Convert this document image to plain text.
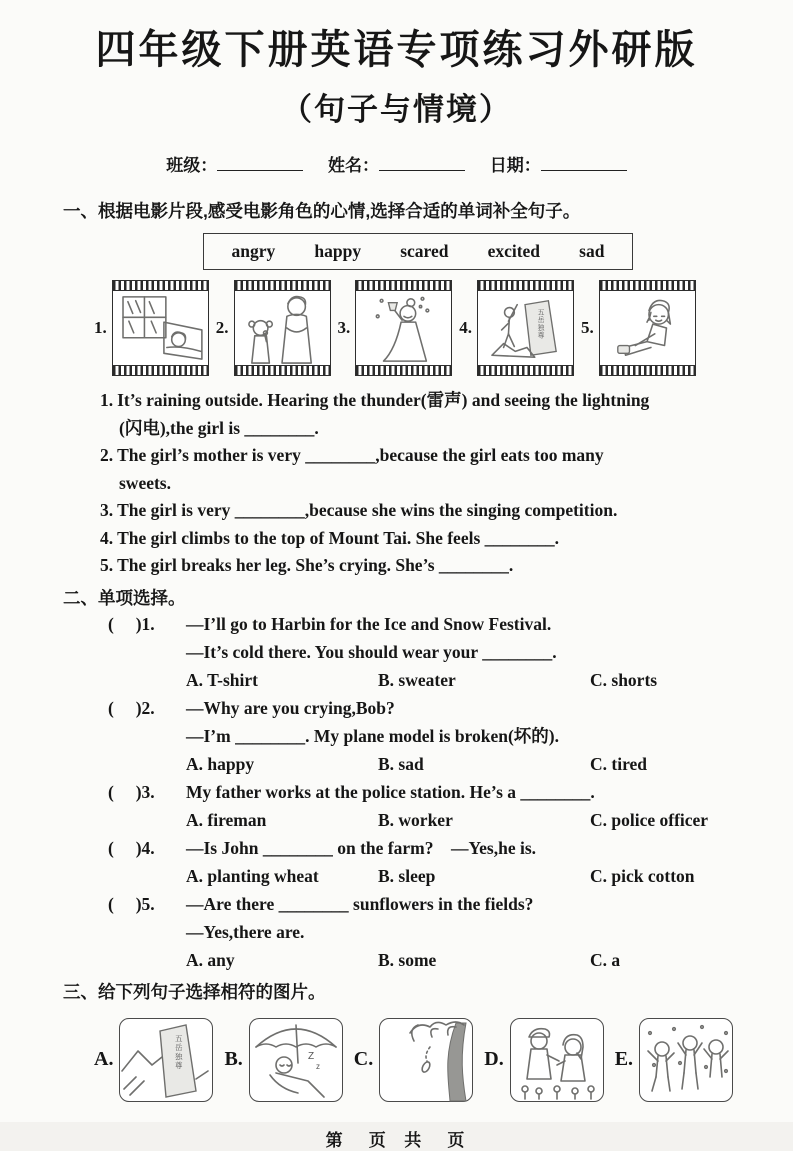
四年级下册英语专项练习外研版
（句子与情境）
班级：	姓名：	日期：
一、根据电影片段,感受电影角色的心情,选择合适的单词补全句子。
angry happy scared excited sad
1.	2.	3.	4.
五岳独尊 5.
1. It’s raining outside. Hearing the thunder(雷声) and seeing the lightning
(闪电),the girl is ________.
2. The girl’s mother is very ________,because the girl eats too many
sweets.
3. The girl is very ________,because she wins the singing competition.
4. The girl climbs to the top of Mount Tai. She feels ________.
5. The girl breaks her leg. She’s crying. She’s ________.
二、单项选择。
(     )1. —I’ll go to Harbin for the Ice and Snow Festival.
—It’s cold there. You should wear your ________.
A. T-shirt	B. sweater	C. shorts
(     )2. —Why are you crying,Bob?
—I’m ________. My plane model is broken(坏的).
A. happy	B. sad	C. tired
(     )3. My father works at the police station. He’s a ________.
A. fireman	B. worker	C. police officer
(     )4. —Is John ________ on the farm?    —Yes,he is.
A. planting wheat	B. sleep	C. pick cotton
(     )5. —Are there ________ sunflowers in the fields?
—Yes,there are.
A. any	B. some	C. a
三、给下列句子选择相符的图片。
A.
五岳独尊 B.	Z
z C.	D.	E.
第   页  共   页
